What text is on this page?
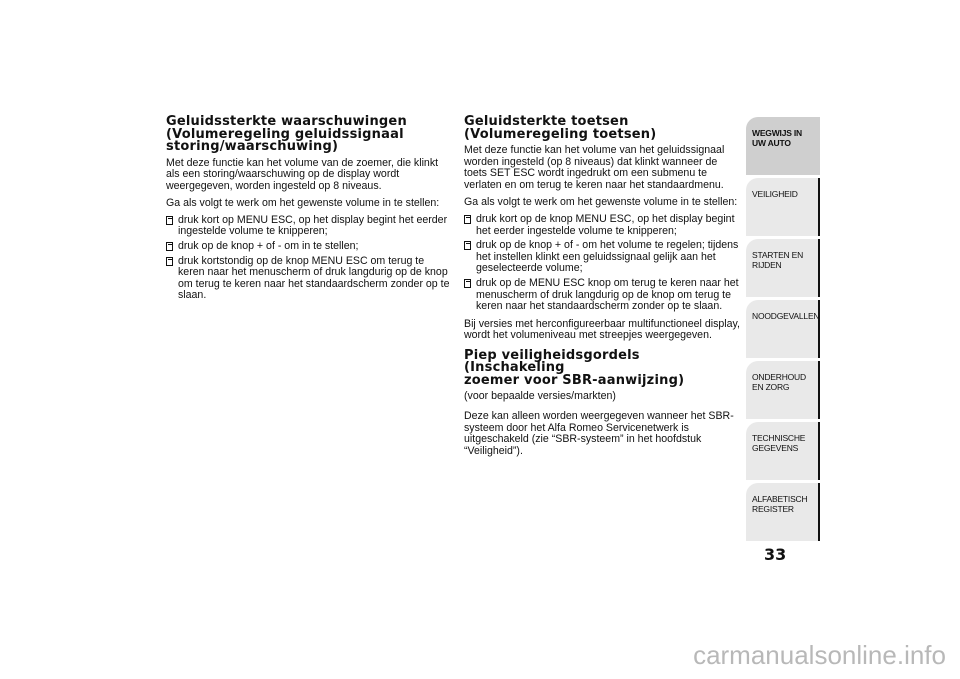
Geluidssterkte waarschuwingen
(Volumeregeling geluidssignaal
storing/waarschuwing)

Met deze functie kan het volume van de zoemer, die klinkt als een storing/waarschuwing op de display wordt weergegeven, worden ingesteld op 8 niveaus.

Ga als volgt te werk om het gewenste volume in te stellen:

druk kort op MENU ESC, op het display begint het eerder ingestelde volume te knipperen;
druk op de knop + of - om in te stellen;
druk kortstondig op de knop MENU ESC om terug te keren naar het menuscherm of druk langdurig op de knop om terug te keren naar het standaardscherm zonder op te slaan.
Geluidsterkte toetsen
(Volumeregeling toetsen)

Met deze functie kan het volume van het geluidssignaal worden ingesteld (op 8 niveaus) dat klinkt wanneer de toets SET ESC wordt ingedrukt om een submenu te verlaten en om terug te keren naar het standaardmenu.

Ga als volgt te werk om het gewenste volume in te stellen:

druk kort op de knop MENU ESC, op het display begint het eerder ingestelde volume te knipperen;
druk op de knop + of - om het volume te regelen; tijdens het instellen klinkt een geluidssignaal gelijk aan het geselecteerde volume;
druk op de MENU ESC knop om terug te keren naar het menuscherm of druk langdurig op de knop om terug te keren naar het standaardscherm zonder op te slaan.

Bij versies met herconfigureerbaar multifunctioneel display, wordt het volumeniveau met streepjes weergegeven.

Piep veiligheidsgordels (Inschakeling
zoemer voor SBR-aanwijzing)

(voor bepaalde versies/markten)

Deze kan alleen worden weergegeven wanneer het SBR-systeem door het Alfa Romeo Servicenetwerk is uitgeschakeld (zie “SBR-systeem” in het hoofdstuk “Veiligheid”).

WEGWIJS IN UW AUTO
VEILIGHEID
STARTEN EN RIJDEN
NOODGEVALLEN
ONDERHOUD EN ZORG
TECHNISCHE GEGEVENS
ALFABETISCH REGISTER
33
carmanualsonline.info
